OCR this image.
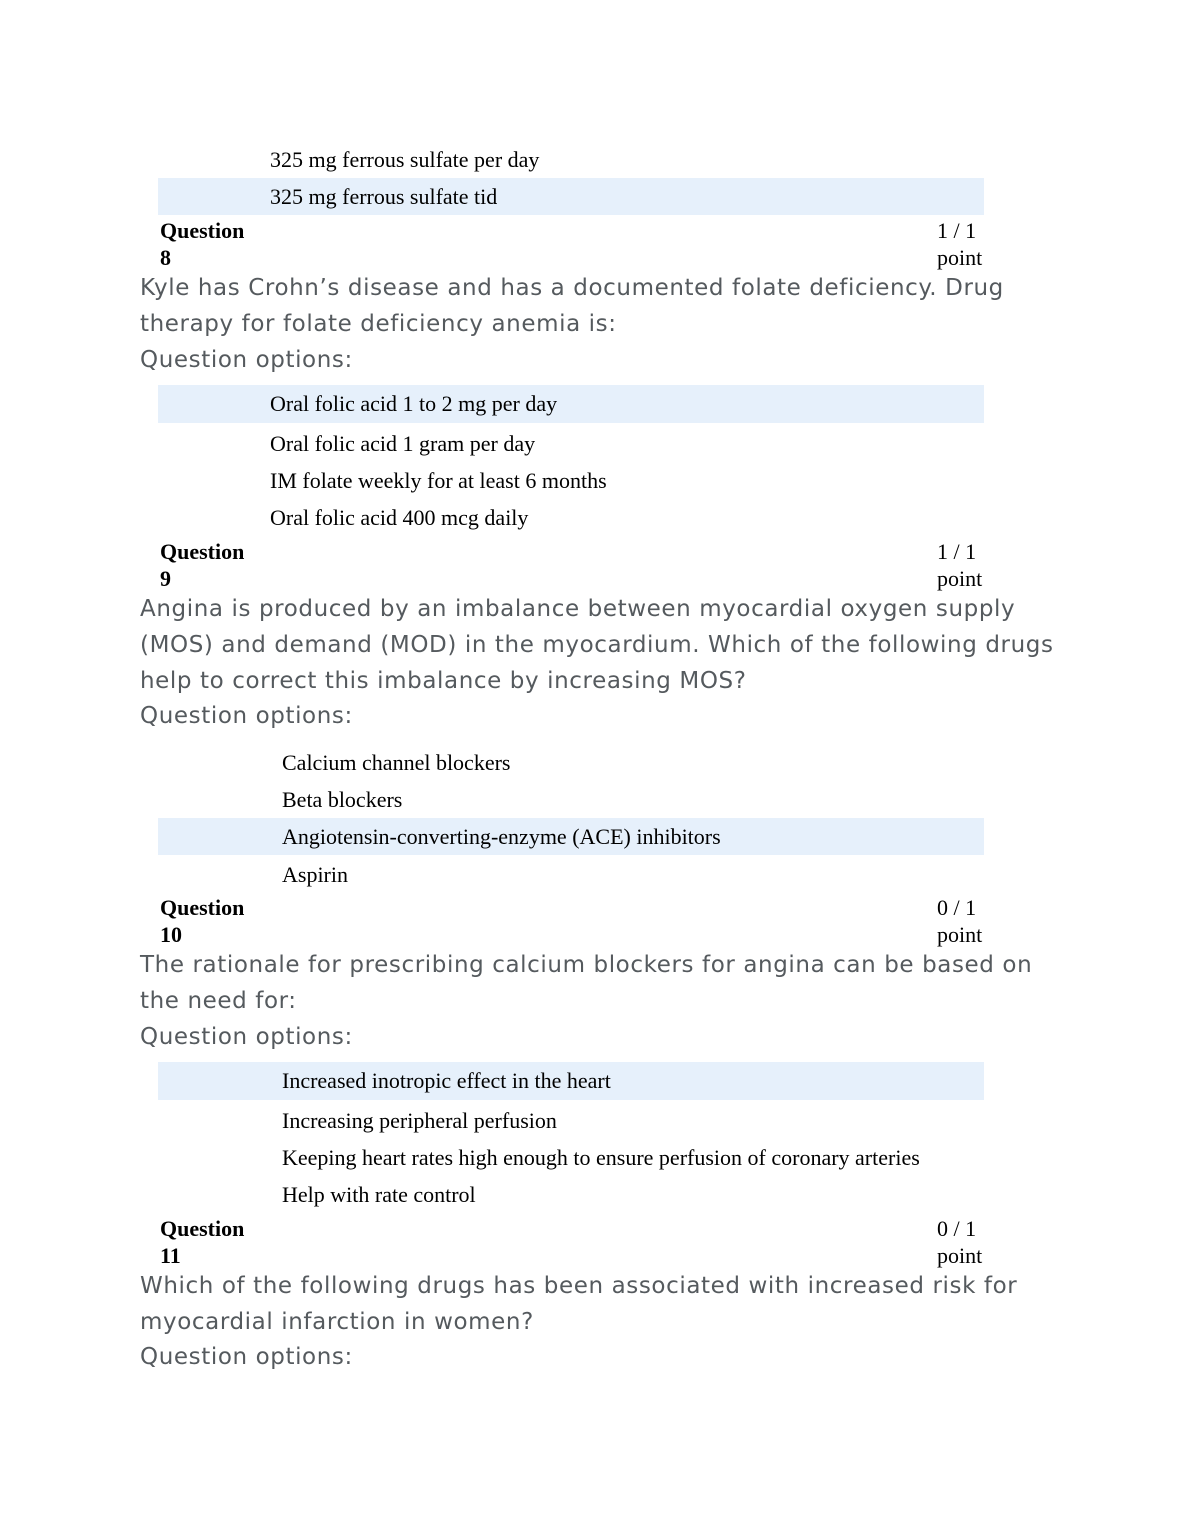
325 mg ferrous sulfate per day
325 mg ferrous sulfate tid
Question
8
1 / 1
point
Kyle has Crohn’s disease and has a documented folate deficiency. Drug therapy for folate deficiency anemia is:
Question options:
Oral folic acid 1 to 2 mg per day
Oral folic acid 1 gram per day
IM folate weekly for at least 6 months
Oral folic acid 400 mcg daily
Question
9
1 / 1
point
Angina is produced by an imbalance between myocardial oxygen supply (MOS) and demand (MOD) in the myocardium. Which of the following drugs help to correct this imbalance by increasing MOS?
Question options:
Calcium channel blockers
Beta blockers
Angiotensin-converting-enzyme (ACE) inhibitors
Aspirin
Question
10
0 / 1
point
The rationale for prescribing calcium blockers for angina can be based on the need for:
Question options:
Increased inotropic effect in the heart
Increasing peripheral perfusion
Keeping heart rates high enough to ensure perfusion of coronary arteries
Help with rate control
Question
11
0 / 1
point
Which of the following drugs has been associated with increased risk for myocardial infarction in women?
Question options:
